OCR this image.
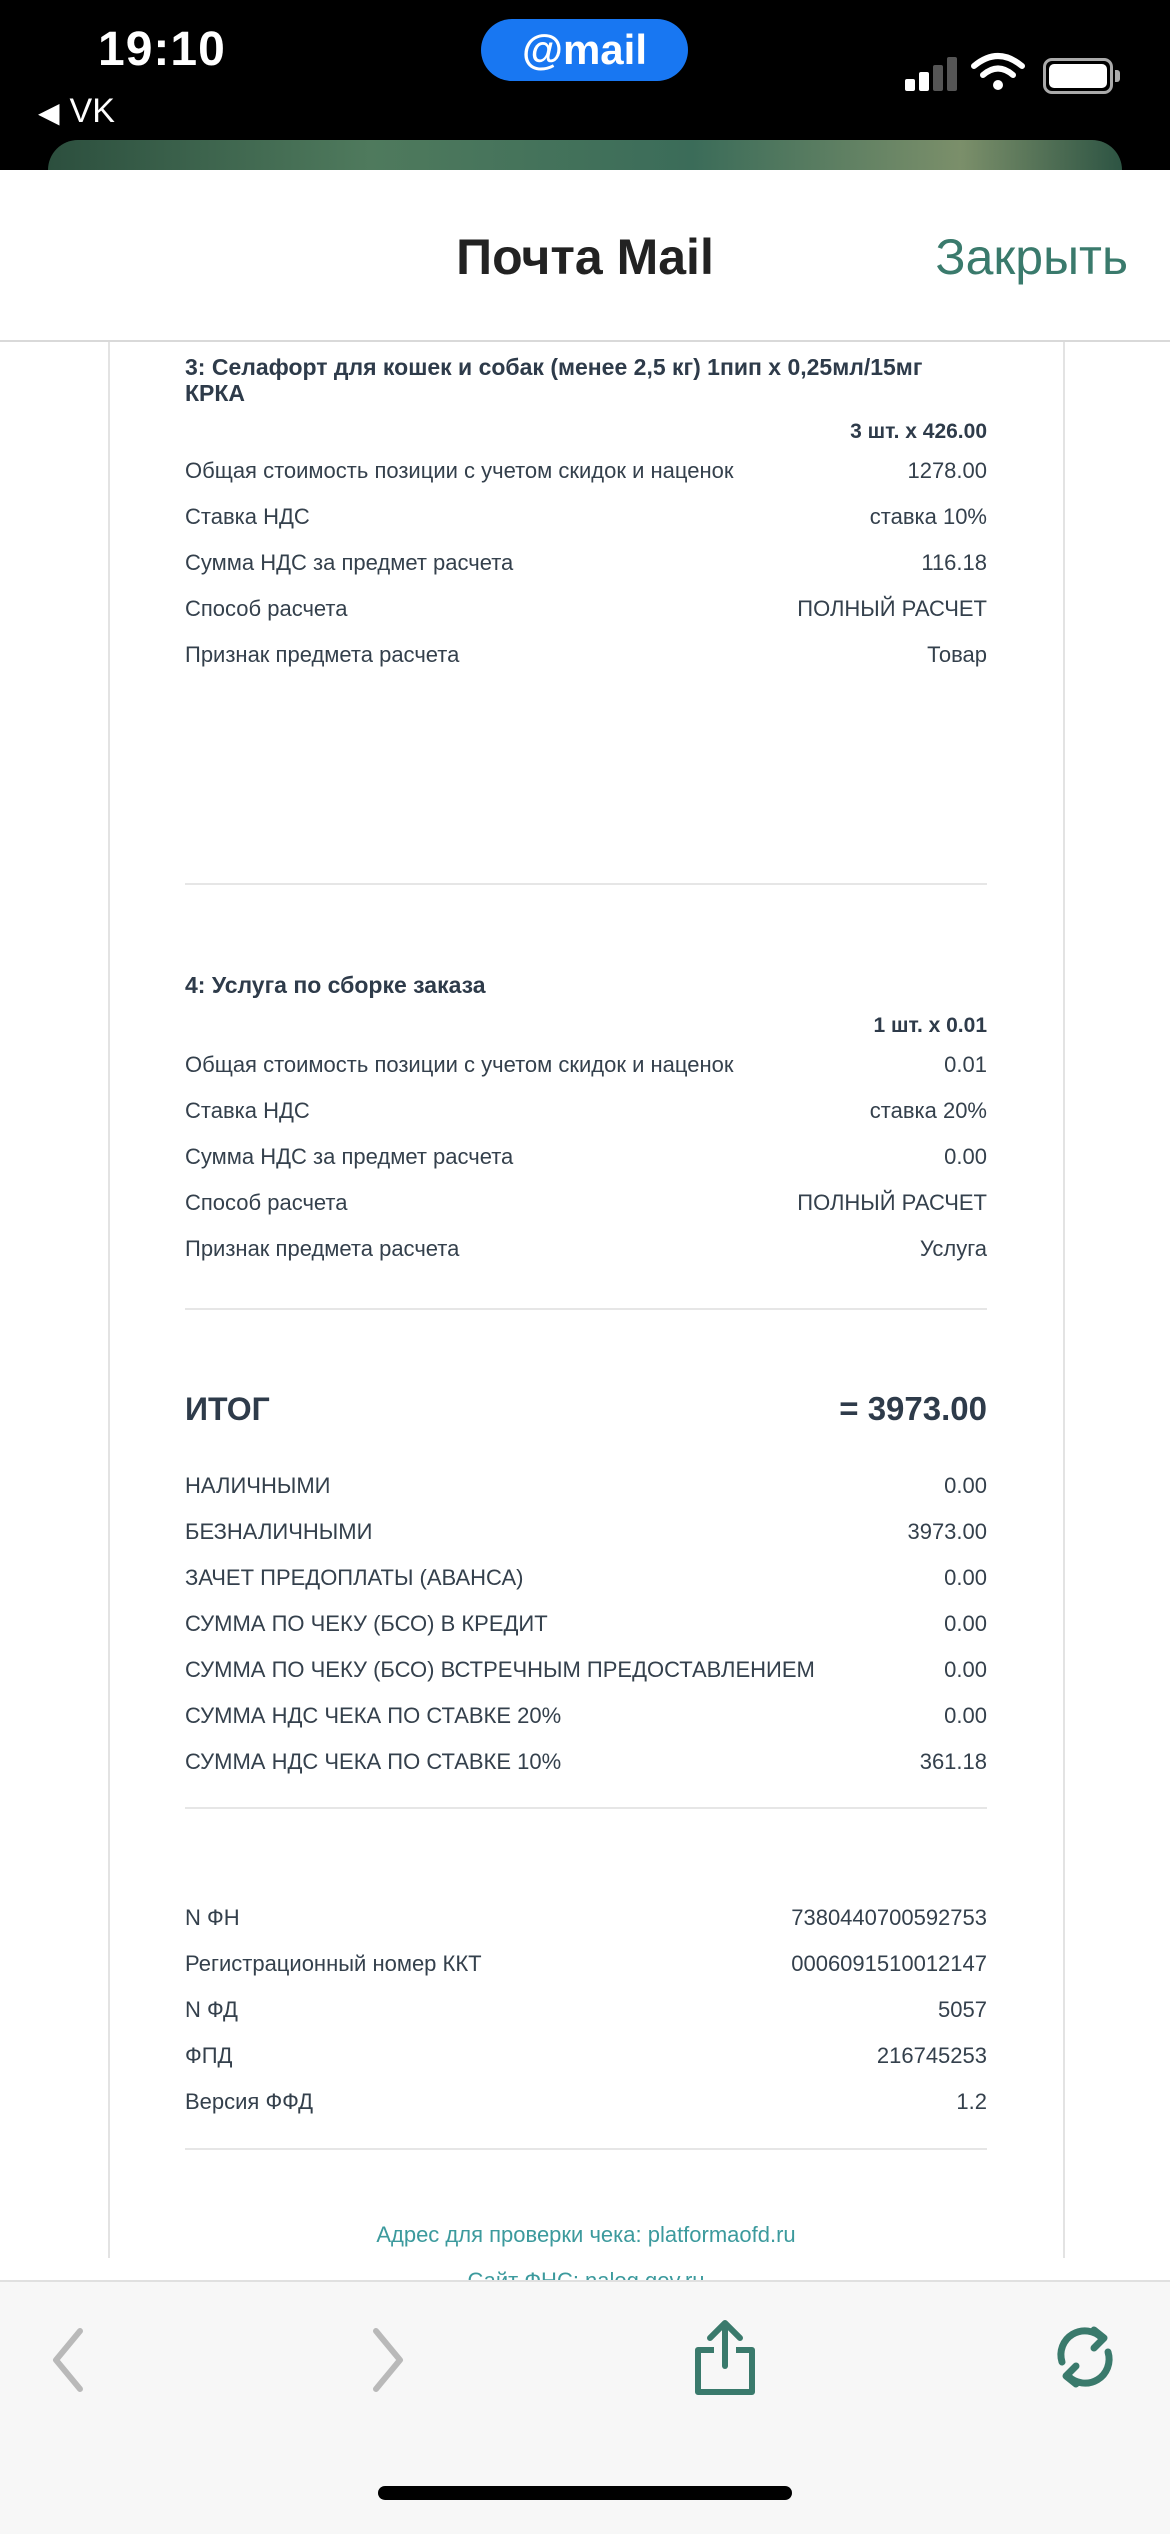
19:10
◀ VK
@mail
Почта Mail	Закрыть
3: Селафорт для кошек и собак (менее 2,5 кг) 1пип х 0,25мл/15мг КРКА
3 шт. х 426.00
Общая стоимость позиции с учетом скидок и наценок	1278.00
Ставка НДС	ставка 10%
Сумма НДС за предмет расчета	116.18
Способ расчета	ПОЛНЫЙ РАСЧЕТ
Признак предмета расчета	Товар
4: Услуга по сборке заказа
1 шт. х 0.01
Общая стоимость позиции с учетом скидок и наценок	0.01
Ставка НДС	ставка 20%
Сумма НДС за предмет расчета	0.00
Способ расчета	ПОЛНЫЙ РАСЧЕТ
Признак предмета расчета	Услуга
ИТОГ	= 3973.00
НАЛИЧНЫМИ	0.00
БЕЗНАЛИЧНЫМИ	3973.00
ЗАЧЕТ ПРЕДОПЛАТЫ (АВАНСА)	0.00
СУММА ПО ЧЕКУ (БСО) В КРЕДИТ	0.00
СУММА ПО ЧЕКУ (БСО) ВСТРЕЧНЫМ ПРЕДОСТАВЛЕНИЕМ	0.00
СУММА НДС ЧЕКА ПО СТАВКЕ 20%	0.00
СУММА НДС ЧЕКА ПО СТАВКЕ 10%	361.18
N ФН	7380440700592753
Регистрационный номер ККТ	0006091510012147
N ФД	5057
ФПД	216745253
Версия ФФД	1.2
Адрес для проверки чека: platformaofd.ru
